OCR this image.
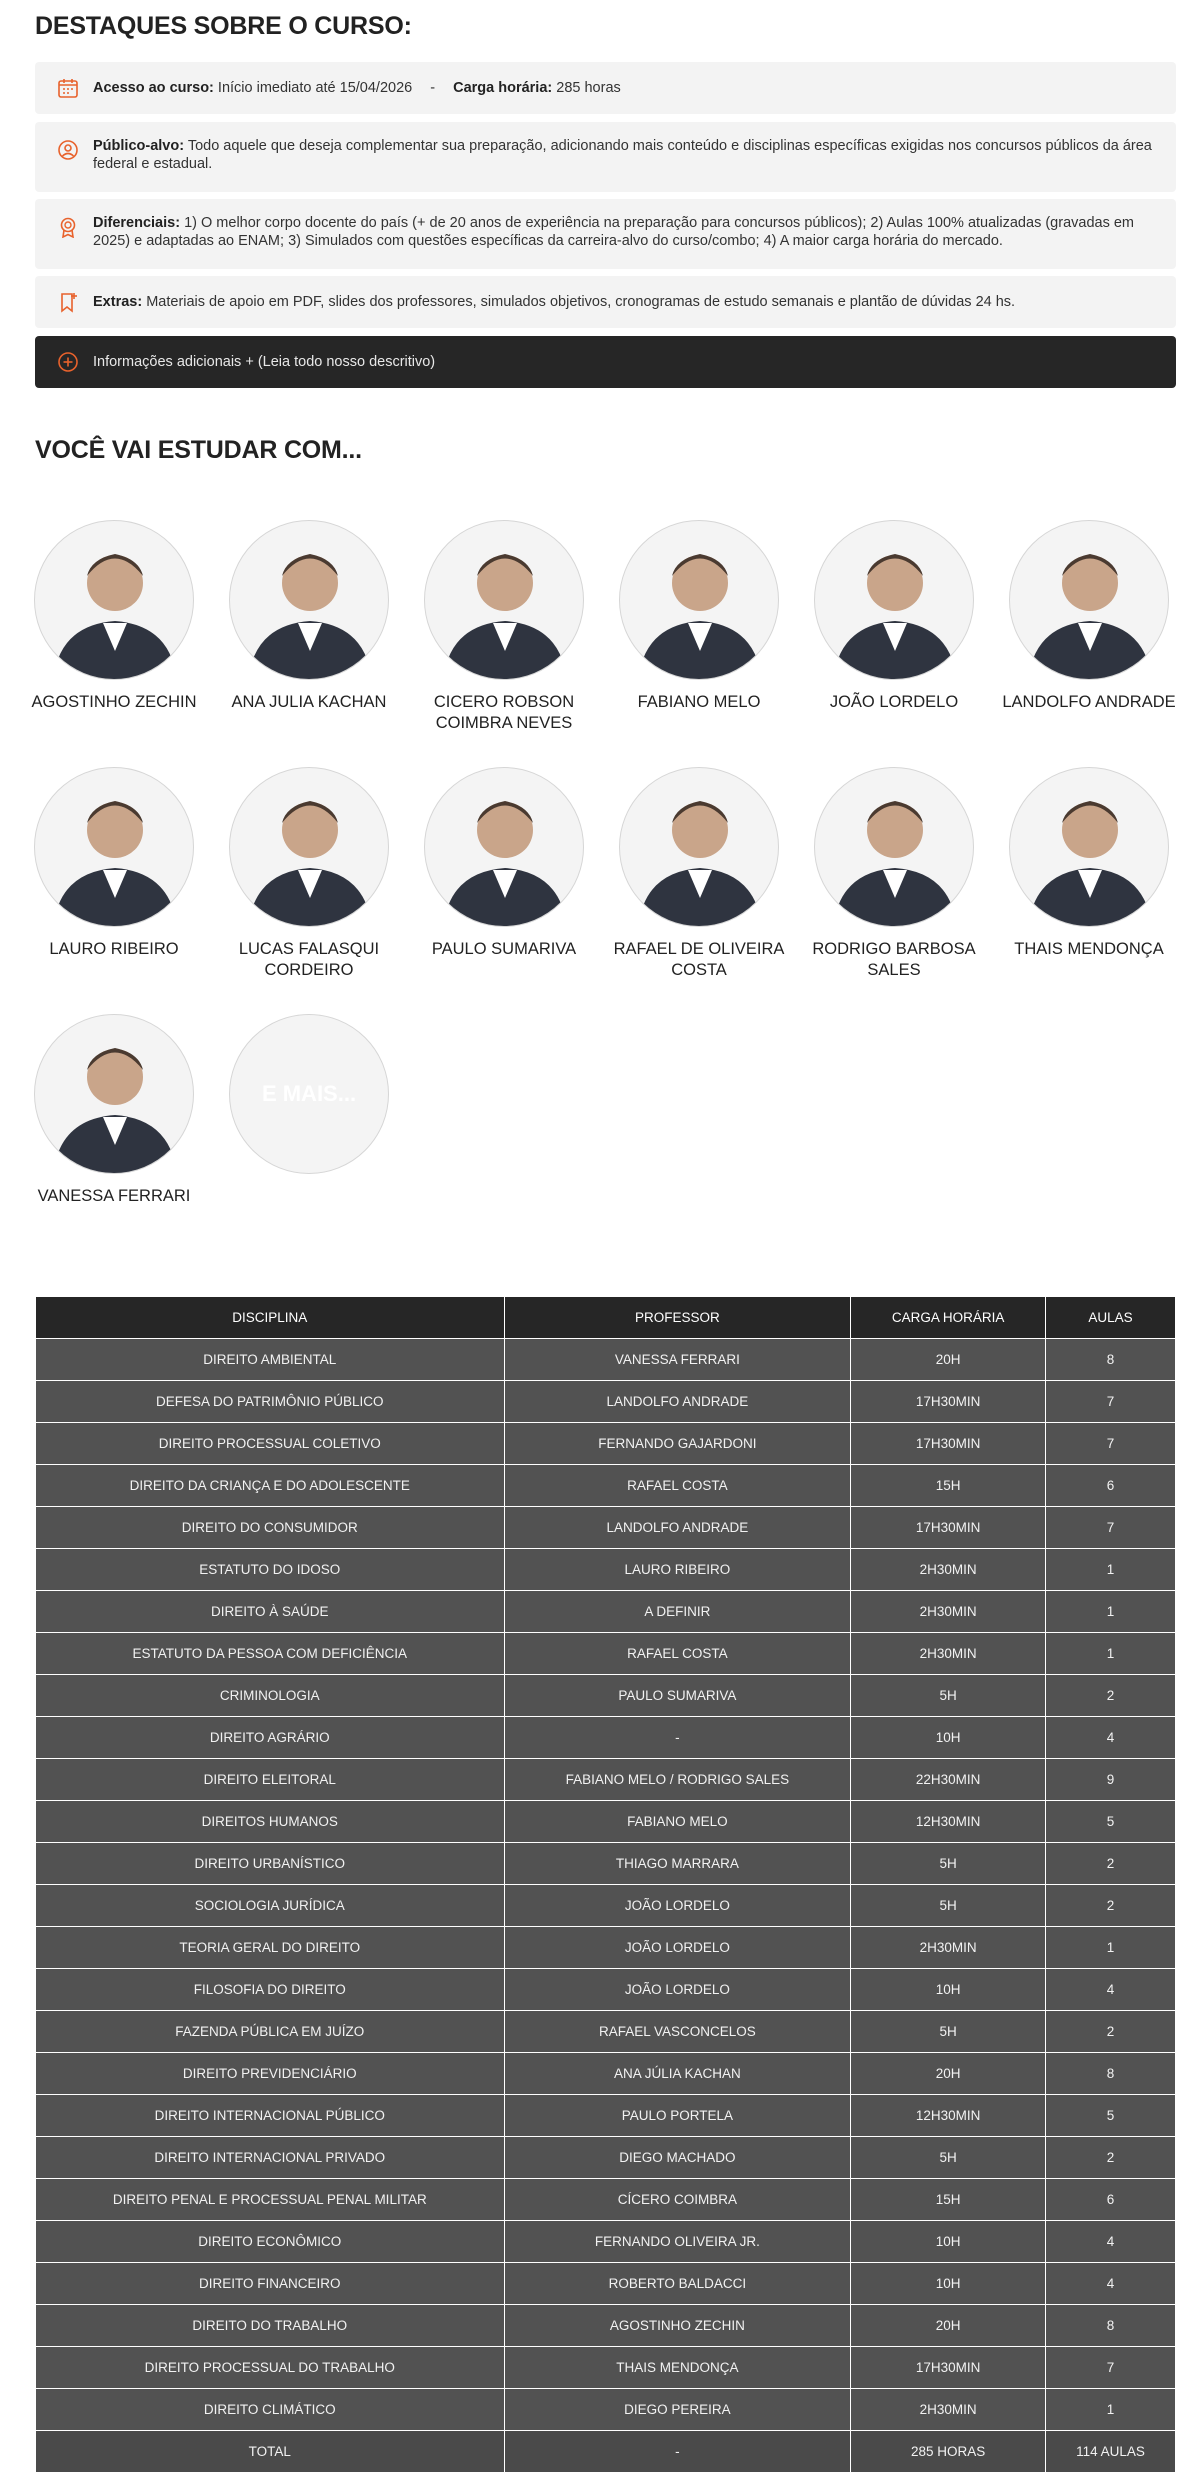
DESTAQUES SOBRE O CURSO:
Acesso ao curso: Início imediato até 15/04/2026 - Carga horária: 285 horas
Público-alvo: Todo aquele que deseja complementar sua preparação, adicionando mais conteúdo e disciplinas específicas exigidas nos concursos públicos da área federal e estadual.
Diferenciais: 1) O melhor corpo docente do país (+ de 20 anos de experiência na preparação para concursos públicos); 2) Aulas 100% atualizadas (gravadas em 2025) e adaptadas ao ENAM; 3) Simulados com questões específicas da carreira-alvo do curso/combo; 4) A maior carga horária do mercado.
Extras: Materiais de apoio em PDF, slides dos professores, simulados objetivos, cronogramas de estudo semanais e plantão de dúvidas 24 hs.
Informações adicionais + (Leia todo nosso descritivo)
VOCÊ VAI ESTUDAR COM...
AGOSTINHO ZECHIN	ANA JULIA KACHAN	CICERO ROBSON COIMBRA NEVES
FABIANO MELO	JOÃO LORDELO	LANDOLFO ANDRADE
LAURO RIBEIRO	LUCAS FALASQUI CORDEIRO
PAULO SUMARIVA	RAFAEL DE OLIVEIRA COSTA
RODRIGO BARBOSA SALES
THAIS MENDONÇA
VANESSA FERRARI
E MAIS...
DISCIPLINA	PROFESSOR	CARGA HORÁRIA	AULAS
DIREITO AMBIENTAL	VANESSA FERRARI	20H	8
DEFESA DO PATRIMÔNIO PÚBLICO	LANDOLFO ANDRADE	17H30MIN	7
DIREITO PROCESSUAL COLETIVO	FERNANDO GAJARDONI	17H30MIN	7
DIREITO DA CRIANÇA E DO ADOLESCENTE	RAFAEL COSTA	15H	6
DIREITO DO CONSUMIDOR	LANDOLFO ANDRADE	17H30MIN	7
ESTATUTO DO IDOSO	LAURO RIBEIRO	2H30MIN	1
DIREITO À SAÚDE	A DEFINIR	2H30MIN	1
ESTATUTO DA PESSOA COM DEFICIÊNCIA	RAFAEL COSTA	2H30MIN	1
CRIMINOLOGIA	PAULO SUMARIVA	5H	2
DIREITO AGRÁRIO	-	10H	4
DIREITO ELEITORAL	FABIANO MELO / RODRIGO SALES	22H30MIN	9
DIREITOS HUMANOS	FABIANO MELO	12H30MIN	5
DIREITO URBANÍSTICO	THIAGO MARRARA	5H	2
SOCIOLOGIA JURÍDICA	JOÃO LORDELO	5H	2
TEORIA GERAL DO DIREITO	JOÃO LORDELO	2H30MIN	1
FILOSOFIA DO DIREITO	JOÃO LORDELO	10H	4
FAZENDA PÚBLICA EM JUÍZO	RAFAEL VASCONCELOS	5H	2
DIREITO PREVIDENCIÁRIO	ANA JÚLIA KACHAN	20H	8
DIREITO INTERNACIONAL PÚBLICO	PAULO PORTELA	12H30MIN	5
DIREITO INTERNACIONAL PRIVADO	DIEGO MACHADO	5H	2
DIREITO PENAL E PROCESSUAL PENAL MILITAR	CÍCERO COIMBRA	15H	6
DIREITO ECONÔMICO	FERNANDO OLIVEIRA JR.	10H	4
DIREITO FINANCEIRO	ROBERTO BALDACCI	10H	4
DIREITO DO TRABALHO	AGOSTINHO ZECHIN	20H	8
DIREITO PROCESSUAL DO TRABALHO	THAIS MENDONÇA	17H30MIN	7
DIREITO CLIMÁTICO	DIEGO PEREIRA	2H30MIN	1
TOTAL	-	285 HORAS	114 AULAS
